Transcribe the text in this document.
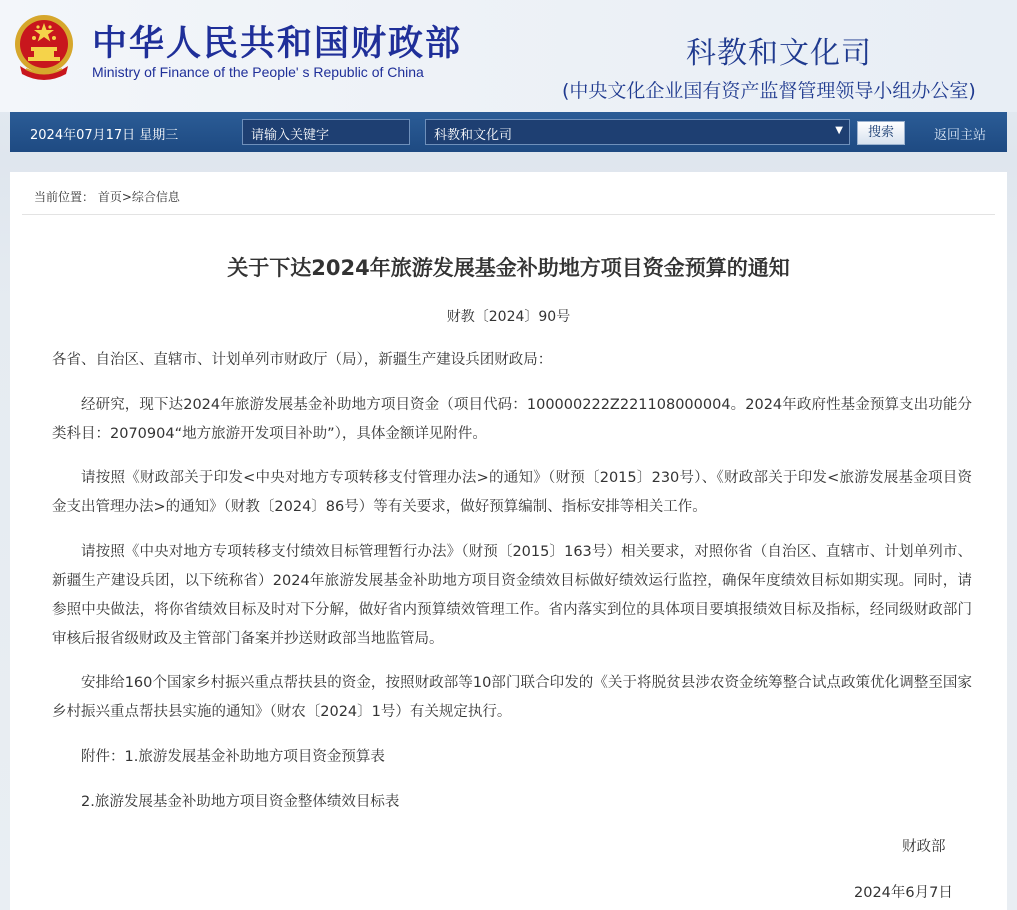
中华人民共和国财政部
Ministry of Finance of the People' s Republic of China
科教和文化司
(中央文化企业国有资产监督管理领导小组办公室)
2024年07月17日 星期三	请输入关键字	科教和文化司	▼	搜索	返回主站
当前位置： 首页>综合信息
关于下达2024年旅游发展基金补助地方项目资金预算的通知
财教〔2024〕90号
各省、自治区、直辖市、计划单列市财政厅（局），新疆生产建设兵团财政局：
经研究，现下达2024年旅游发展基金补助地方项目资金（项目代码：100000222Z221108000004。2024年政府性基金预算支出功能分类科目：2070904“地方旅游开发项目补助”），具体金额详见附件。
请按照《财政部关于印发<中央对地方专项转移支付管理办法>的通知》（财预〔2015〕230号）、《财政部关于印发<旅游发展基金项目资金支出管理办法>的通知》（财教〔2024〕86号）等有关要求，做好预算编制、指标安排等相关工作。
请按照《中央对地方专项转移支付绩效目标管理暂行办法》（财预〔2015〕163号）相关要求，对照你省（自治区、直辖市、计划单列市、新疆生产建设兵团，以下统称省）2024年旅游发展基金补助地方项目资金绩效目标做好绩效运行监控，确保年度绩效目标如期实现。同时，请参照中央做法，将你省绩效目标及时对下分解，做好省内预算绩效管理工作。省内落实到位的具体项目要填报绩效目标及指标，经同级财政部门审核后报省级财政及主管部门备案并抄送财政部当地监管局。
安排给160个国家乡村振兴重点帮扶县的资金，按照财政部等10部门联合印发的《关于将脱贫县涉农资金统筹整合试点政策优化调整至国家乡村振兴重点帮扶县实施的通知》（财农〔2024〕1号）有关规定执行。
附件：1.旅游发展基金补助地方项目资金预算表
2.旅游发展基金补助地方项目资金整体绩效目标表
财政部
2024年6月7日
